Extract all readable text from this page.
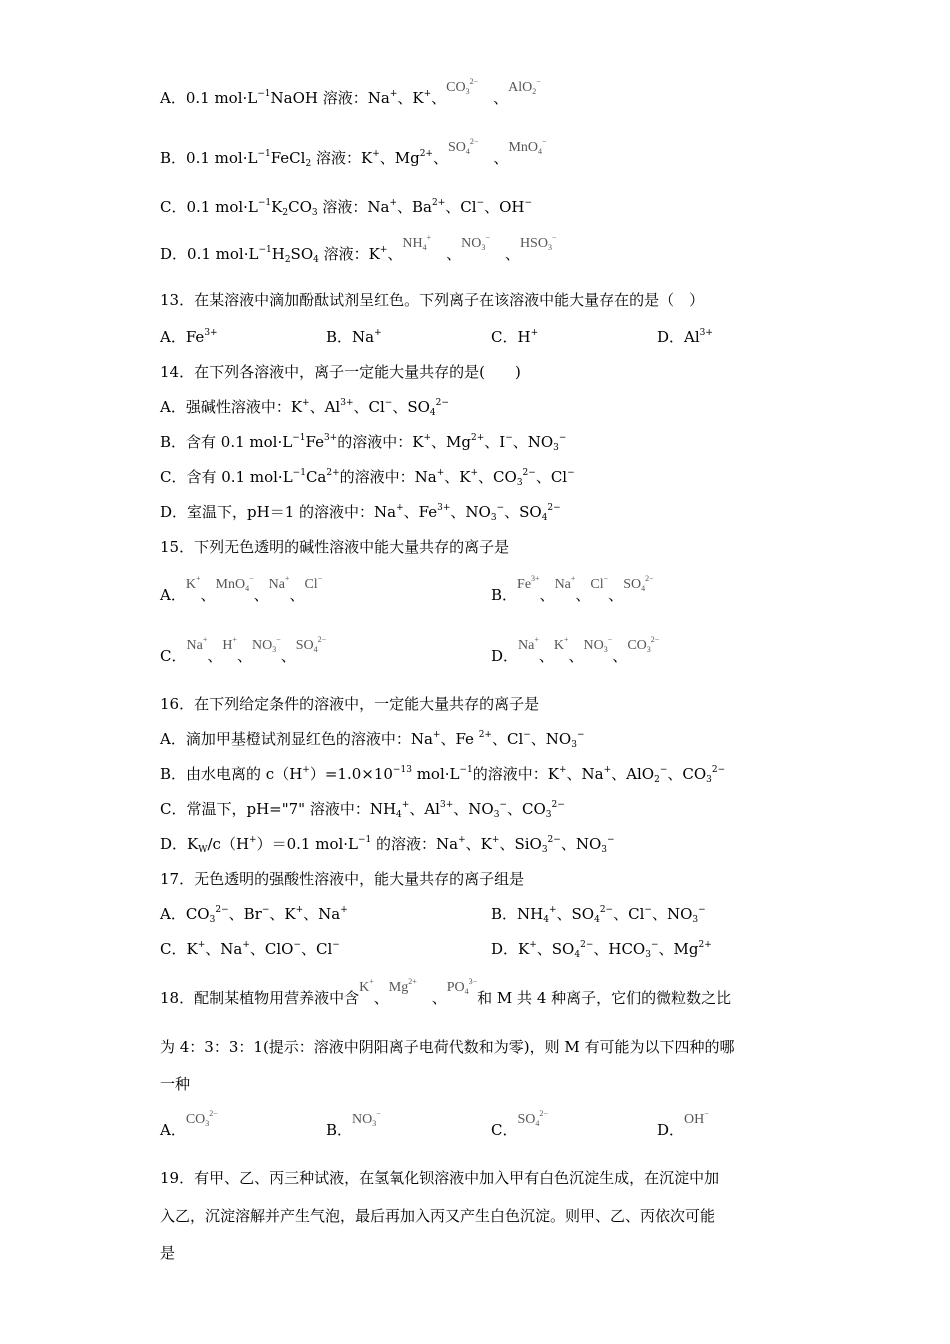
A．0.1 $mol\cdot L^{-1}NaOH$ 溶液：Na+、K+、$CO_3^{2-}$　、AlO$_2$−
B．0.1 $mol\cdot L^{-1}FeCl_2$ 溶液：K+、$Mg^{2+}$、$SO_4^{2-}$　、MnO$_4$−
C．0.1 $mol\cdot L^{-1}K_2CO_3$ 溶液：Na+、$Ba^{2+}$、Cl−、OH−
D．0.1 $mol\cdot L^{-1}H_2SO_4$ 溶液：K+、$NH_4^+$　、$NO_3^-$　、$HSO_3^-$
13．在某溶液中滴加酚酞试剂呈红色。下列离子在该溶液中能大量存在的是（　）
A．$Fe^{3+}$	B．Na+	C．H+	D．$Al^{3+}$
14．在下列各溶液中，离子一定能大量共存的是(　　)
A．强碱性溶液中：K+、$Al^{3+}$、Cl−、$SO_4^{2-}$
B．含有 0.1 $mol\cdot L^{-1}Fe^{3+}$的溶液中：K+、$Mg^{2+}$、I−、$NO_3^-$
C．含有 0.1 $mol\cdot L^{-1}Ca^{2+}$的溶液中：Na+、K+、$CO_3^{2-}$、Cl−
D．室温下，pH＝1 的溶液中：Na+、$Fe^{3+}$、$NO_3^-$、$SO_4^{2-}$
15．下列无色透明的碱性溶液中能大量共存的离子是
A．K+、MnO$_4$−、Na+、Cl−
B．$Fe^{3+}$、Na+、Cl−、$SO_4^{2-}$
C．Na+、H+、$NO_3^-$、$SO_4^{2-}$
D．Na+、K+、$NO_3^-$、$CO_3^{2-}$
16．在下列给定条件的溶液中，一定能大量共存的离子是
A．滴加甲基橙试剂显红色的溶液中：Na+、Fe $^{2+}$、Cl−、$NO_3^-$
B．由水电离的 $c(H^+)=1.0\times 10^{-13}$ $mol\cdot L^{-1}$的溶液中：K+、Na+、AlO$_2$−、$CO_3^{2-}$
C．常温下，pH="7" 溶液中：$NH_4^+$、$Al^{3+}$、$NO_3^-$、$CO_3^{2-}$
D．$K_W/c(H^+)=0.1$ $mol\cdot L^{-1}$ 的溶液：Na+、K+、SiO$_3^{2-}$、$NO_3^-$
17．无色透明的强酸性溶液中，能大量共存的离子组是
A．$CO_3^{2-}$、Br−、K+、Na+	B．$NH_4^+$、$SO_4^{2-}$、Cl−、$NO_3^-$
C．K+、Na+、ClO−、Cl−	D．K+、$SO_4^{2-}$、$HCO_3^-$、$Mg^{2+}$
18．配制某植物用营养液中含K+、$Mg^{2+}$　、$PO_4^{3-}$和 M 共 4 种离子，它们的微粒数之比
为 4：3：3：1(提示：溶液中阴阳离子电荷代数和为零)，则 M 有可能为以下四种的哪
一种
A．$CO_3^{2-}$
B．$NO_3^-$
C．$SO_4^{2-}$
D．OH−
19．有甲、乙、丙三种试液，在氢氧化钡溶液中加入甲有白色沉淀生成，在沉淀中加
入乙，沉淀溶解并产生气泡，最后再加入丙又产生白色沉淀。则甲、乙、丙依次可能
是
